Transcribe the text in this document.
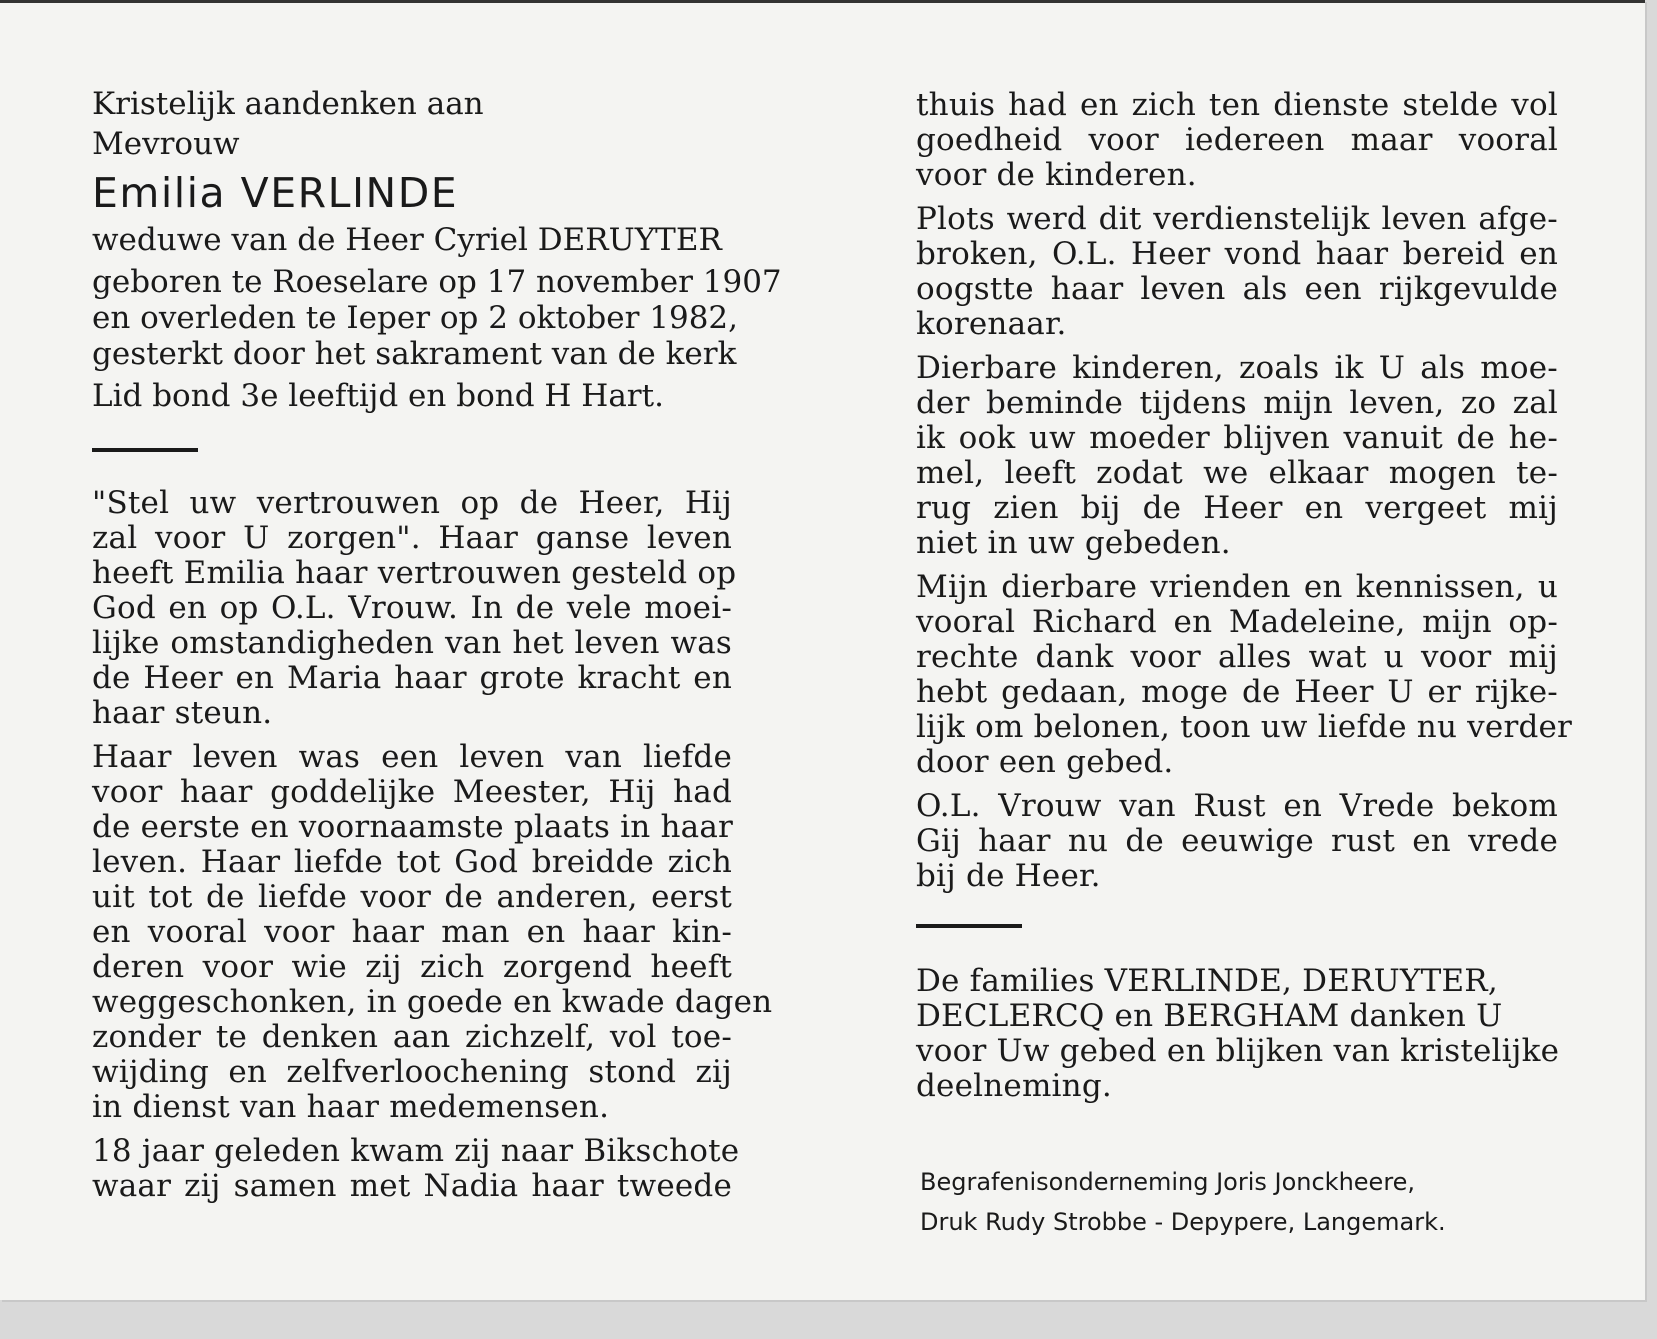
Kristelijk aandenken aan
Mevrouw
Emilia VERLINDE
weduwe van de Heer Cyriel DERUYTER
geboren te Roeselare op 17 november 1907
en overleden te Ieper op 2 oktober 1982,
gesterkt door het sakrament van de kerk
Lid bond 3e leeftijd en bond H Hart.
"Stel uw vertrouwen op de Heer, Hij
zal voor U zorgen". Haar ganse leven
heeft Emilia haar vertrouwen gesteld op
God en op O.L. Vrouw. In de vele moei-
lijke omstandigheden van het leven was
de Heer en Maria haar grote kracht en
haar steun.
Haar leven was een leven van liefde
voor haar goddelijke Meester, Hij had
de eerste en voornaamste plaats in haar
leven. Haar liefde tot God breidde zich
uit tot de liefde voor de anderen, eerst
en vooral voor haar man en haar kin-
deren voor wie zij zich zorgend heeft
weggeschonken, in goede en kwade dagen
zonder te denken aan zichzelf, vol toe-
wijding en zelfverloochening stond zij
in dienst van haar medemensen.
18 jaar geleden kwam zij naar Bikschote
waar zij samen met Nadia haar tweede
thuis had en zich ten dienste stelde vol
goedheid voor iedereen maar vooral
voor de kinderen.
Plots werd dit verdienstelijk leven afge-
broken, O.L. Heer vond haar bereid en
oogstte haar leven als een rijkgevulde
korenaar.
Dierbare kinderen, zoals ik U als moe-
der beminde tijdens mijn leven, zo zal
ik ook uw moeder blijven vanuit de he-
mel, leeft zodat we elkaar mogen te-
rug zien bij de Heer en vergeet mij
niet in uw gebeden.
Mijn dierbare vrienden en kennissen, u
vooral Richard en Madeleine, mijn op-
rechte dank voor alles wat u voor mij
hebt gedaan, moge de Heer U er rijke-
lijk om belonen, toon uw liefde nu verder
door een gebed.
O.L. Vrouw van Rust en Vrede bekom
Gij haar nu de eeuwige rust en vrede
bij de Heer.
De families VERLINDE, DERUYTER,
DECLERCQ en BERGHAM danken U
voor Uw gebed en blijken van kristelijke
deelneming.
Begrafenisonderneming Joris Jonckheere,
Druk Rudy Strobbe - Depypere, Langemark.
